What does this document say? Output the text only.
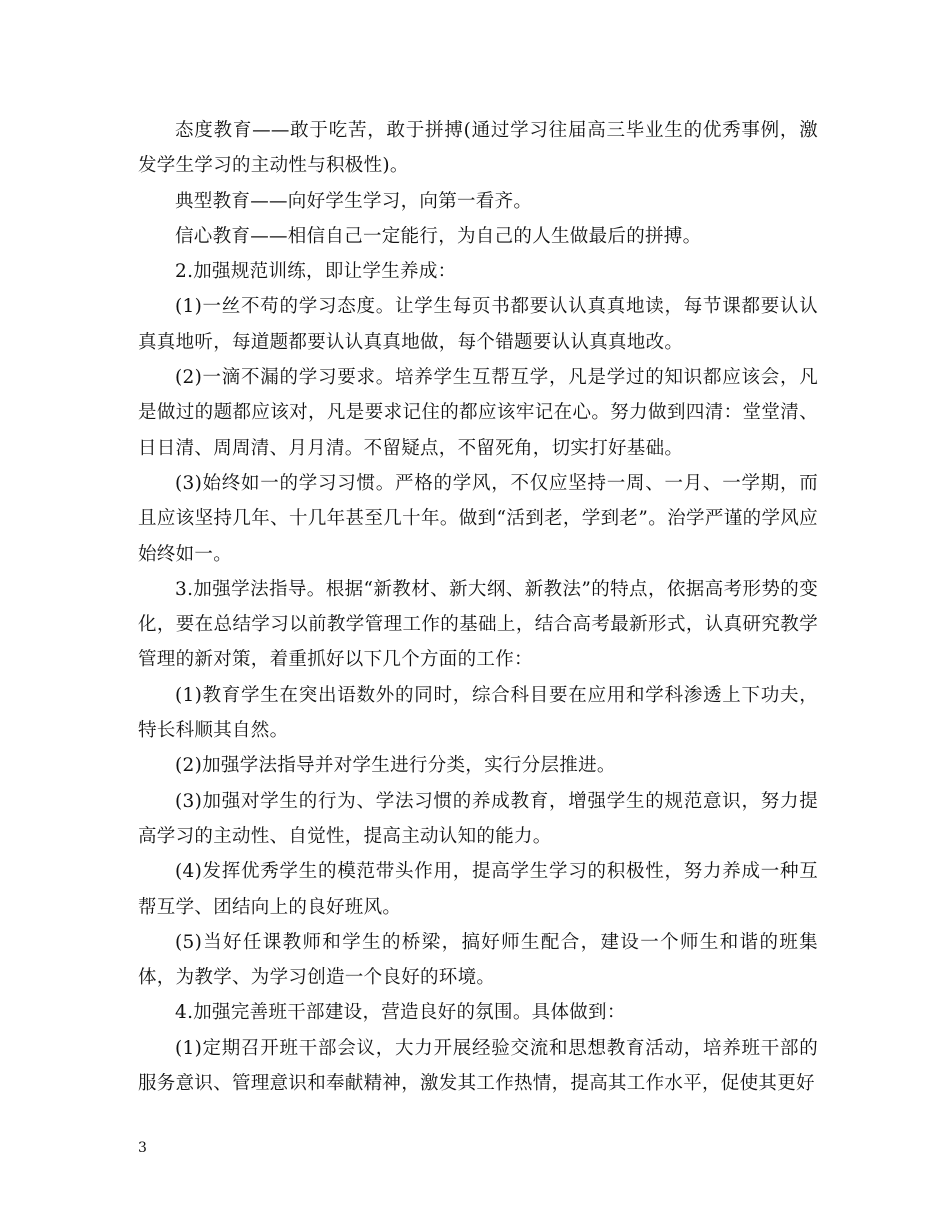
态度教育——敢于吃苦，敢于拼搏(通过学习往届高三毕业生的优秀事例，激发学生学习的主动性与积极性)。

典型教育——向好学生学习，向第一看齐。

信心教育——相信自己一定能行，为自己的人生做最后的拼搏。

2.加强规范训练，即让学生养成：

(1)一丝不苟的学习态度。让学生每页书都要认认真真地读，每节课都要认认真真地听，每道题都要认认真真地做，每个错题要认认真真地改。

(2)一滴不漏的学习要求。培养学生互帮互学，凡是学过的知识都应该会，凡是做过的题都应该对，凡是要求记住的都应该牢记在心。努力做到四清：堂堂清、日日清、周周清、月月清。不留疑点，不留死角，切实打好基础。

(3)始终如一的学习习惯。严格的学风，不仅应坚持一周、一月、一学期，而且应该坚持几年、十几年甚至几十年。做到“活到老，学到老”。治学严谨的学风应始终如一。

3.加强学法指导。根据“新教材、新大纲、新教法”的特点，依据高考形势的变化，要在总结学习以前教学管理工作的基础上，结合高考最新形式，认真研究教学管理的新对策，着重抓好以下几个方面的工作：

(1)教育学生在突出语数外的同时，综合科目要在应用和学科渗透上下功夫，特长科顺其自然。

(2)加强学法指导并对学生进行分类，实行分层推进。

(3)加强对学生的行为、学法习惯的养成教育，增强学生的规范意识，努力提高学习的主动性、自觉性，提高主动认知的能力。

(4)发挥优秀学生的模范带头作用，提高学生学习的积极性，努力养成一种互帮互学、团结向上的良好班风。

(5)当好任课教师和学生的桥梁，搞好师生配合，建设一个师生和谐的班集体，为教学、为学习创造一个良好的环境。

4.加强完善班干部建设，营造良好的氛围。具体做到：

(1)定期召开班干部会议，大力开展经验交流和思想教育活动，培养班干部的服务意识、管理意识和奉献精神，激发其工作热情，提高其工作水平，促使其更好

3
